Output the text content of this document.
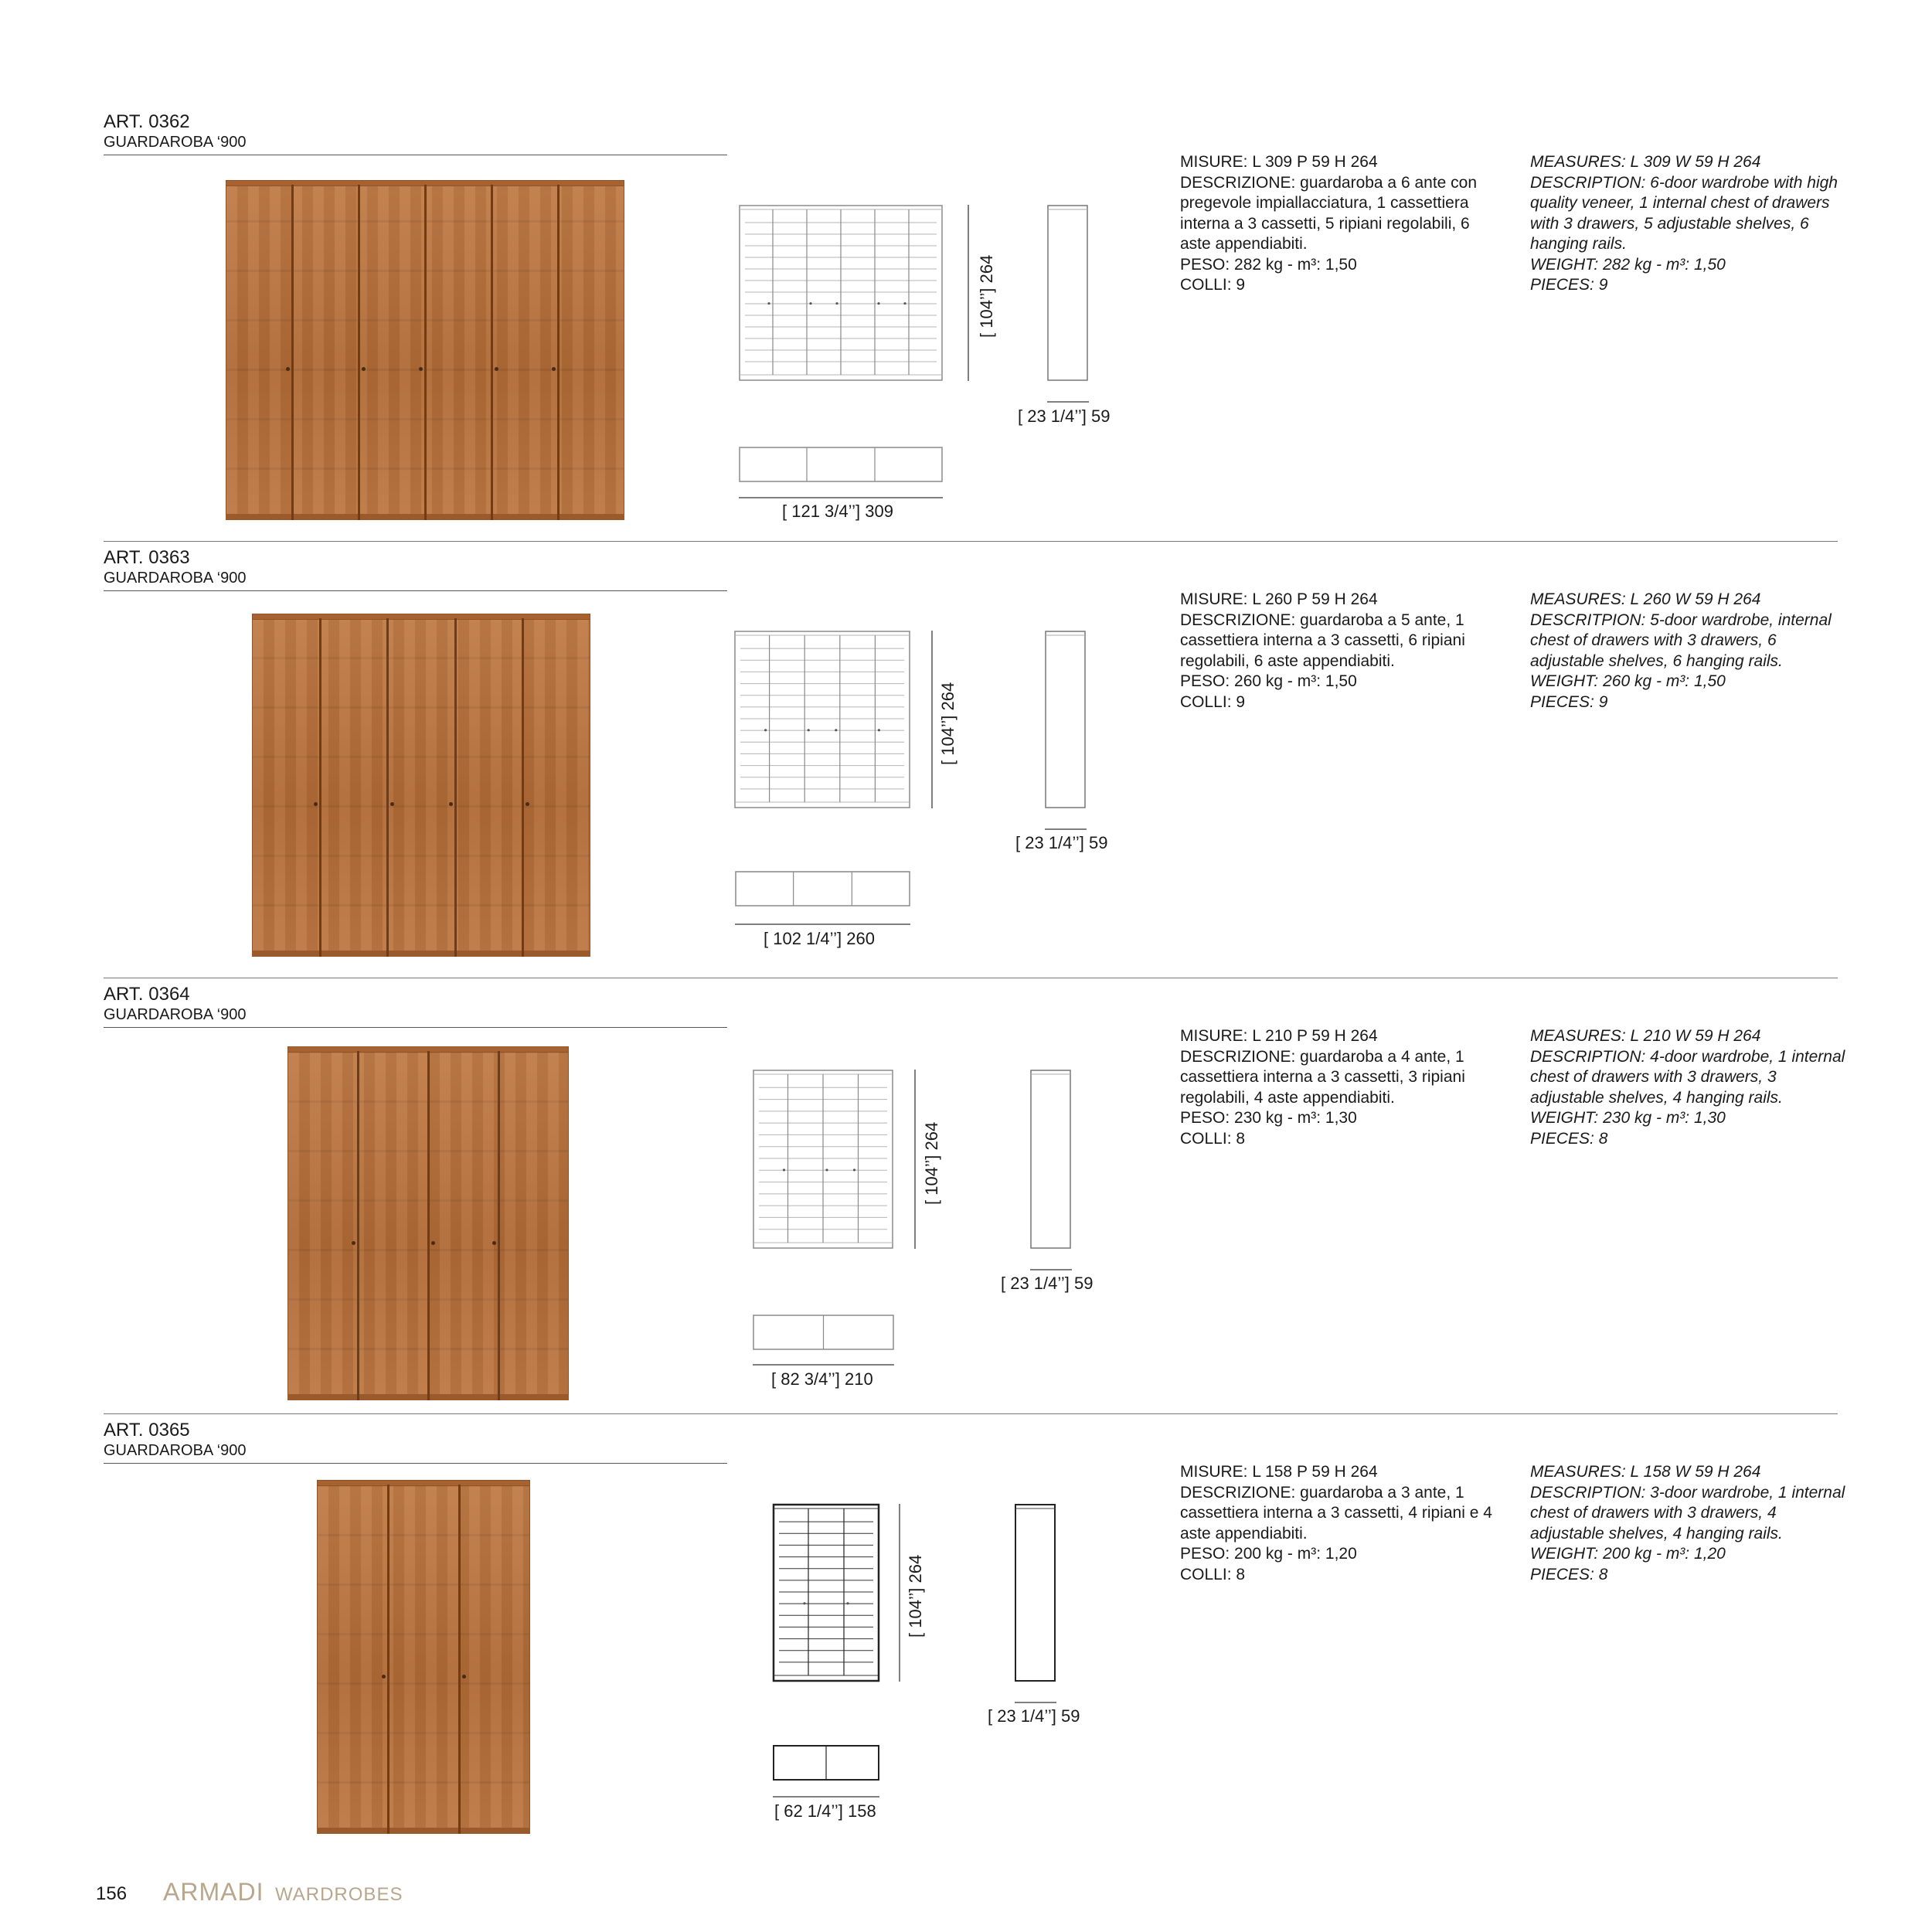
ART. 0362
GUARDAROBA ‘900
[ 104’’] 264
[ 23 1/4’’] 59
[ 121 3/4’’] 309
MISURE: L 309 P 59 H 264
DESCRIZIONE: guardaroba a 6 ante con pregevole impiallacciatura, 1 cassettiera interna a 3 cassetti, 5 ripiani regolabili, 6 aste appendiabiti.
PESO: 282 kg - m³: 1,50
COLLI: 9
MEASURES: L 309 W 59 H 264
DESCRIPTION: 6-door wardrobe with high quality veneer, 1 internal chest of drawers with 3 drawers, 5 adjustable shelves, 6 hanging rails.
WEIGHT: 282 kg - m³: 1,50
PIECES: 9
ART. 0363
GUARDAROBA ‘900
[ 104’’] 264
[ 23 1/4’’] 59
[ 102 1/4’’] 260
MISURE: L 260 P 59 H 264
DESCRIZIONE: guardaroba a 5 ante, 1 cassettiera interna a 3 cassetti, 6 ripiani regolabili, 6 aste appendiabiti.
PESO: 260 kg - m³: 1,50
COLLI: 9
MEASURES: L 260 W 59 H 264
DESCRITPION: 5-door wardrobe, internal chest of drawers with 3 drawers, 6 adjustable shelves, 6 hanging rails.
WEIGHT: 260 kg - m³: 1,50
PIECES: 9
ART. 0364
GUARDAROBA ‘900
[ 104’’] 264
[ 23 1/4’’] 59
[ 82 3/4’’] 210
MISURE: L 210 P 59 H 264
DESCRIZIONE: guardaroba a 4 ante, 1 cassettiera interna a 3 cassetti, 3 ripiani regolabili, 4 aste appendiabiti.
PESO: 230 kg - m³: 1,30
COLLI: 8
MEASURES: L 210 W 59 H 264
DESCRIPTION: 4-door wardrobe, 1 internal chest of drawers with 3 drawers, 3 adjustable shelves, 4 hanging rails.
WEIGHT: 230 kg - m³: 1,30
PIECES: 8
ART. 0365
GUARDAROBA ‘900
[ 104’’] 264
[ 23 1/4’’] 59
[ 62 1/4’’] 158
MISURE: L 158 P 59 H 264
DESCRIZIONE: guardaroba a 3 ante, 1 cassettiera interna a 3 cassetti, 4 ripiani e 4 aste appendiabiti.
PESO: 200 kg - m³: 1,20
COLLI: 8
MEASURES: L 158 W 59 H 264
DESCRIPTION: 3-door wardrobe, 1 internal chest of drawers with 3 drawers, 4 adjustable shelves, 4 hanging rails.
WEIGHT: 200 kg - m³: 1,20
PIECES: 8
156 ARMADI WARDROBES
